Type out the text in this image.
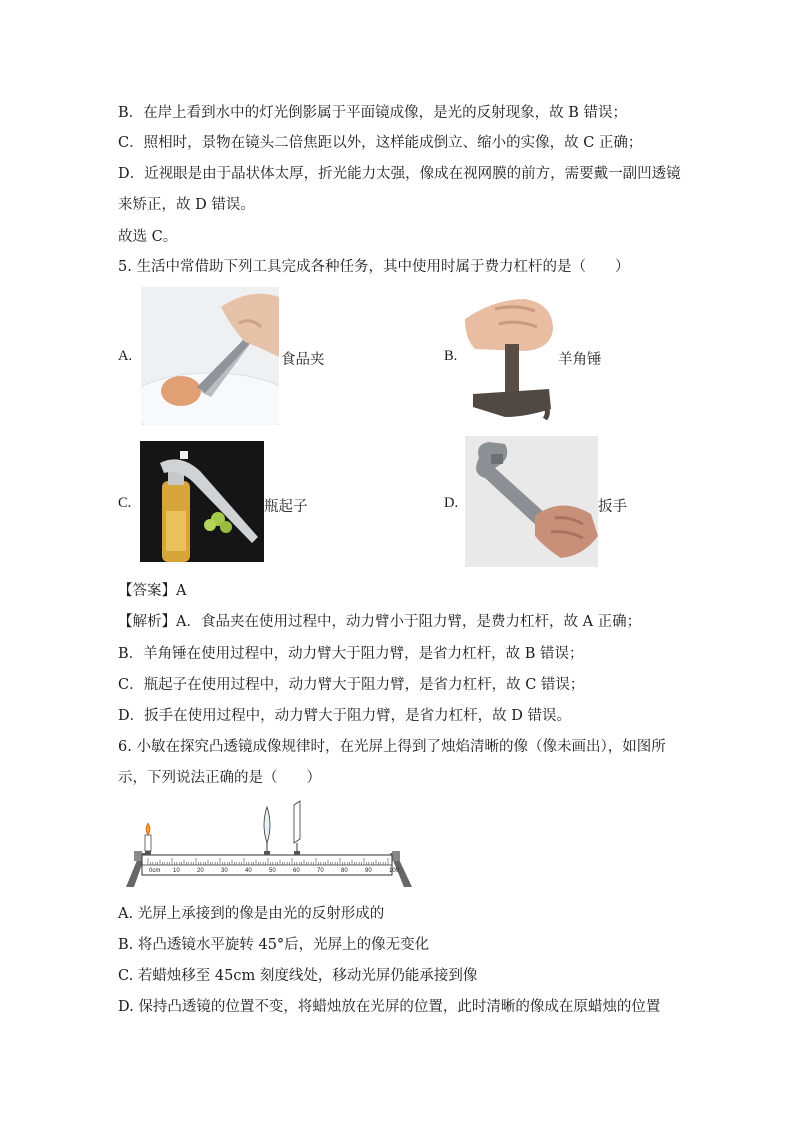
B．在岸上看到水中的灯光倒影属于平面镜成像，是光的反射现象，故 B 错误；
C．照相时，景物在镜头二倍焦距以外，这样能成倒立、缩小的实像，故 C 正确；
D．近视眼是由于晶状体太厚，折光能力太强，像成在视网膜的前方，需要戴一副凹透镜
来矫正，故 D 错误。
故选 C。
5. 生活中常借助下列工具完成各种任务，其中使用时属于费力杠杆的是（　　）
A.	食品夹	B.	羊角锤
C.	瓶起子	D.	扳手
【答案】A
【解析】A．食品夹在使用过程中，动力臂小于阻力臂，是费力杠杆，故 A 正确；
B．羊角锤在使用过程中，动力臂大于阻力臂，是省力杠杆，故 B 错误；
C．瓶起子在使用过程中，动力臂大于阻力臂，是省力杠杆，故 C 错误；
D．扳手在使用过程中，动力臂大于阻力臂，是省力杠杆，故 D 错误。
6. 小敏在探究凸透镜成像规律时，在光屏上得到了烛焰清晰的像（像未画出），如图所
示，下列说法正确的是（　　）
0cm 10	20	30	40	50	60	70	80	90	100
A. 光屏上承接到的像是由光的反射形成的
B. 将凸透镜水平旋转 45°后，光屏上的像无变化
C. 若蜡烛移至 45cm 刻度线处，移动光屏仍能承接到像
D. 保持凸透镜的位置不变，将蜡烛放在光屏的位置，此时清晰的像成在原蜡烛的位置
